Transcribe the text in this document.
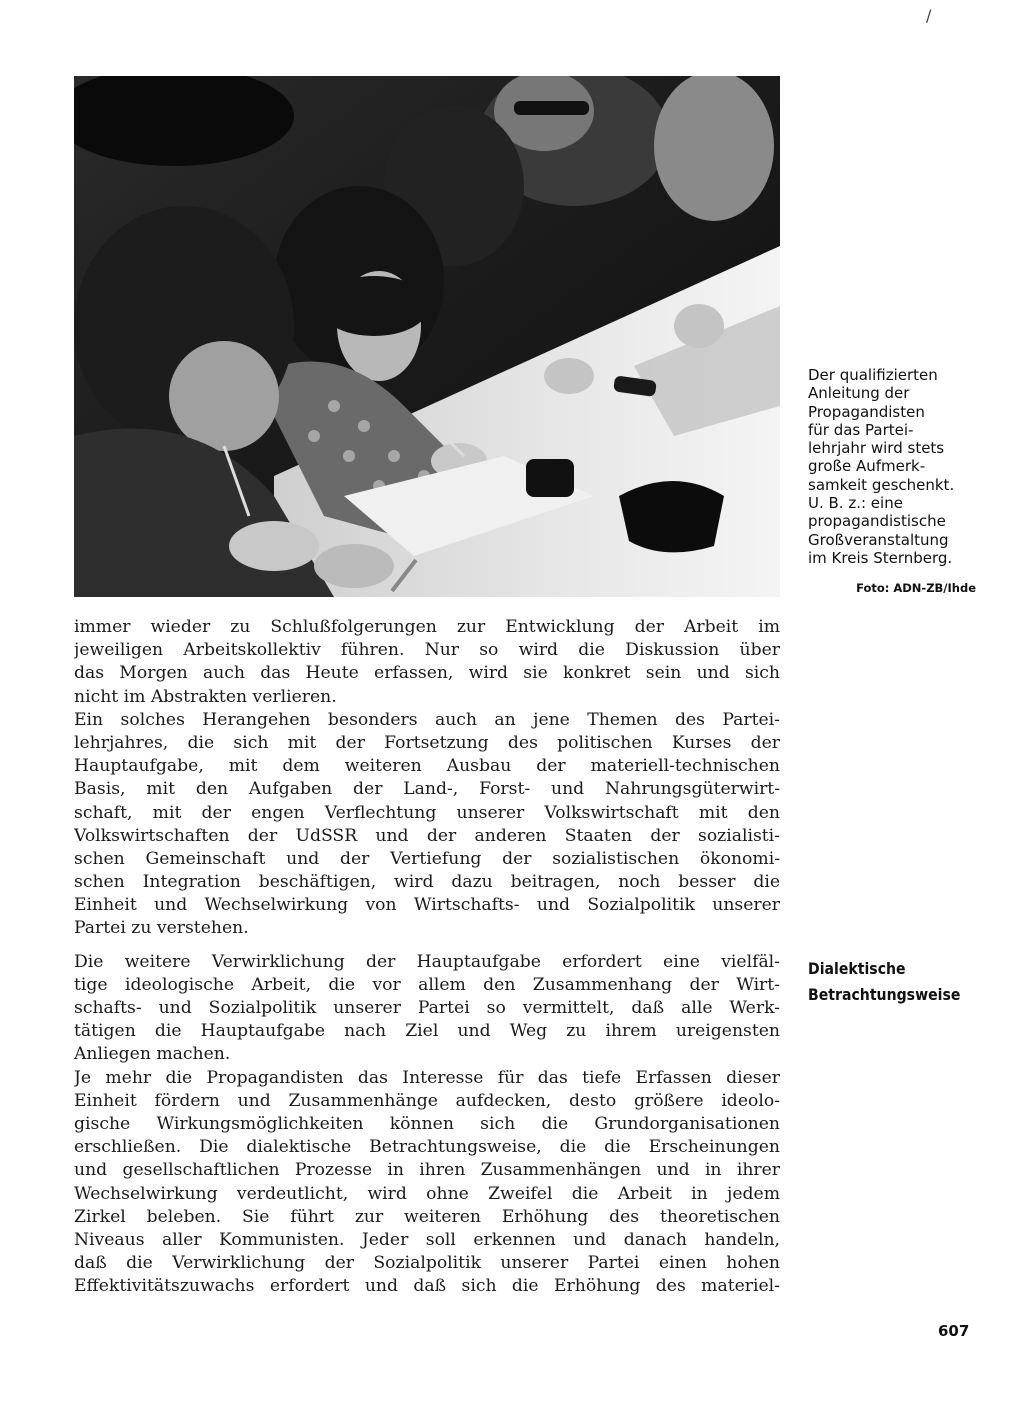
/

Der qualifizierten

Anleitung der

Propagandisten

für das Partei-

lehrjahr wird stets

große Aufmerk-

samkeit geschenkt.

U. B. z.: eine

propagandistische

Großveranstaltung

im Kreis Sternberg.

Foto: ADN-ZB/Ihde
Dialektische
Betrachtungsweise
immer wieder zu Schlußfolgerungen zur Entwicklung der Arbeit im
jeweiligen Arbeitskollektiv führen. Nur so wird die Diskussion über
das Morgen auch das Heute erfassen, wird sie konkret sein und sich
nicht im Abstrakten verlieren.
Ein solches Herangehen besonders auch an jene Themen des Partei-
lehrjahres, die sich mit der Fortsetzung des politischen Kurses der
Hauptaufgabe, mit dem weiteren Ausbau der materiell-technischen
Basis, mit den Aufgaben der Land-, Forst- und Nahrungsgüterwirt-
schaft, mit der engen Verflechtung unserer Volkswirtschaft mit den
Volkswirtschaften der UdSSR und der anderen Staaten der sozialisti-
schen Gemeinschaft und der Vertiefung der sozialistischen ökonomi-
schen Integration beschäftigen, wird dazu beitragen, noch besser die
Einheit und Wechselwirkung von Wirtschafts- und Sozialpolitik unserer
Partei zu verstehen.
Die weitere Verwirklichung der Hauptaufgabe erfordert eine vielfäl-
tige ideologische Arbeit, die vor allem den Zusammenhang der Wirt-
schafts- und Sozialpolitik unserer Partei so vermittelt, daß alle Werk-
tätigen die Hauptaufgabe nach Ziel und Weg zu ihrem ureigensten
Anliegen machen.
Je mehr die Propagandisten das Interesse für das tiefe Erfassen dieser
Einheit fördern und Zusammenhänge aufdecken, desto größere ideolo-
gische Wirkungsmöglichkeiten können sich die Grundorganisationen
erschließen. Die dialektische Betrachtungsweise, die die Erscheinungen
und gesellschaftlichen Prozesse in ihren Zusammenhängen und in ihrer
Wechselwirkung verdeutlicht, wird ohne Zweifel die Arbeit in jedem
Zirkel beleben. Sie führt zur weiteren Erhöhung des theoretischen
Niveaus aller Kommunisten. Jeder soll erkennen und danach handeln,
daß die Verwirklichung der Sozialpolitik unserer Partei einen hohen
Effektivitätszuwachs erfordert und daß sich die Erhöhung des materiel-
607
